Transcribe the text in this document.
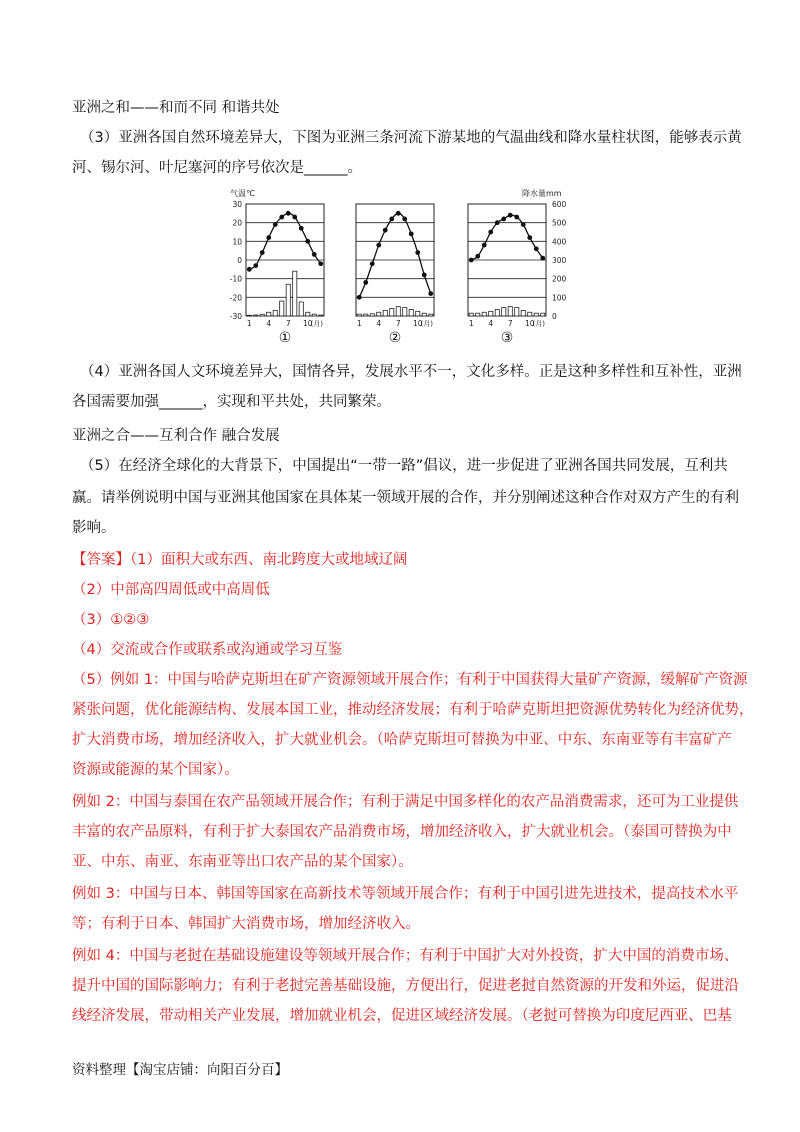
亚洲之和——和而不同 和谐共处
（3）亚洲各国自然环境差异大，下图为亚洲三条河流下游某地的气温曲线和降水量柱状图，能够表示黄
河、锡尔河、叶尼塞河的序号依次是______。
气温℃
30
20
10
0
-10
-20
-30
降水量mm
600
500
400
300
200
100
0
1 4 7 10
(月)
①
1 4 7 10
(月)
②
1 4 7 10
(月)
③
（4）亚洲各国人文环境差异大，国情各异，发展水平不一，文化多样。正是这种多样性和互补性，亚洲
各国需要加强______，实现和平共处，共同繁荣。
亚洲之合——互利合作 融合发展
（5）在经济全球化的大背景下，中国提出“一带一路”倡议，进一步促进了亚洲各国共同发展，互利共
赢。请举例说明中国与亚洲其他国家在具体某一领域开展的合作，并分别阐述这种合作对双方产生的有利
影响。
【答案】（1）面积大或东西、南北跨度大或地域辽阔
（2）中部高四周低或中高周低
（3）①②③
（4）交流或合作或联系或沟通或学习互鉴
（5）例如 1：中国与哈萨克斯坦在矿产资源领域开展合作；有利于中国获得大量矿产资源，缓解矿产资源
紧张问题，优化能源结构、发展本国工业，推动经济发展；有利于哈萨克斯坦把资源优势转化为经济优势，
扩大消费市场，增加经济收入，扩大就业机会。（哈萨克斯坦可替换为中亚、中东、东南亚等有丰富矿产
资源或能源的某个国家）。
例如 2：中国与泰国在农产品领域开展合作；有利于满足中国多样化的农产品消费需求，还可为工业提供
丰富的农产品原料，有利于扩大泰国农产品消费市场，增加经济收入，扩大就业机会。（泰国可替换为中
亚、中东、南亚、东南亚等出口农产品的某个国家）。
例如 3：中国与日本、韩国等国家在高新技术等领域开展合作；有利于中国引进先进技术，提高技术水平
等；有利于日本、韩国扩大消费市场，增加经济收入。
例如 4：中国与老挝在基础设施建设等领域开展合作；有利于中国扩大对外投资，扩大中国的消费市场、
提升中国的国际影响力；有利于老挝完善基础设施，方便出行，促进老挝自然资源的开发和外运，促进沿
线经济发展，带动相关产业发展，增加就业机会，促进区域经济发展。（老挝可替换为印度尼西亚、巴基
资料整理【淘宝店铺：向阳百分百】
